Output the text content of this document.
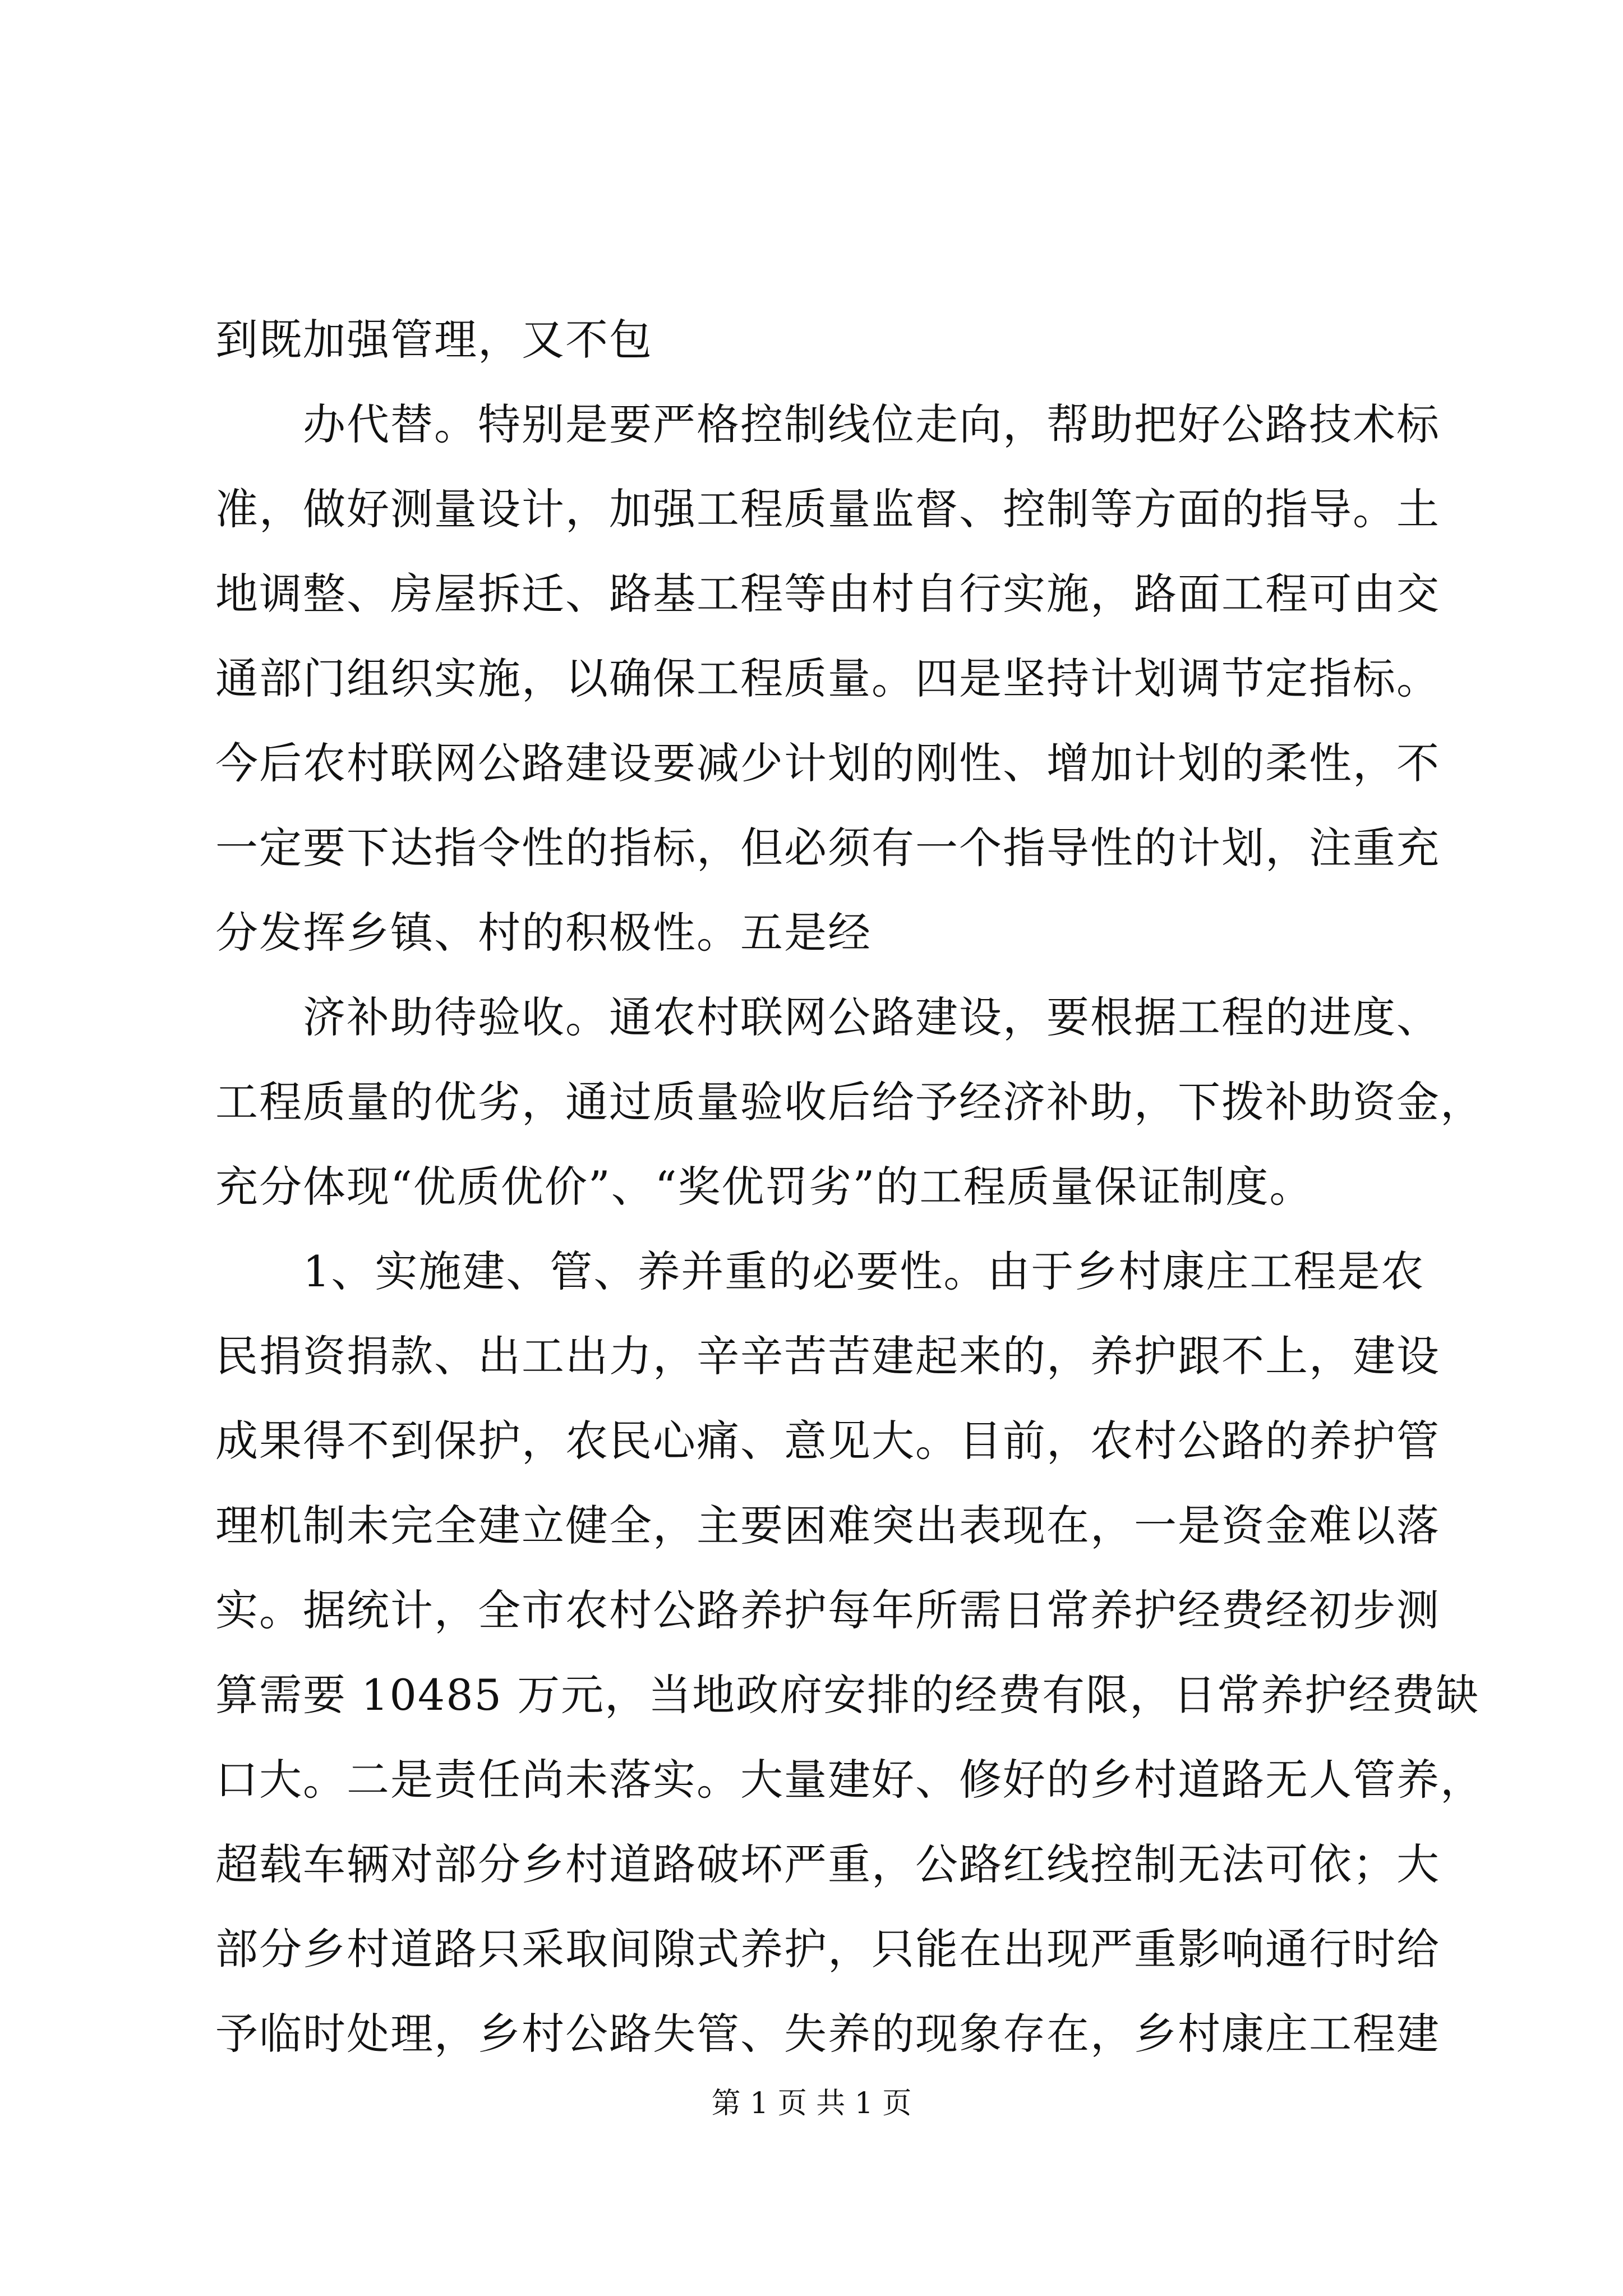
到既加强管理，又不包
办代替。特别是要严格控制线位走向，帮助把好公路技术标
准，做好测量设计，加强工程质量监督、控制等方面的指导。土
地调整、房屋拆迁、路基工程等由村自行实施，路面工程可由交
通部门组织实施，以确保工程质量。四是坚持计划调节定指标。
今后农村联网公路建设要减少计划的刚性、增加计划的柔性，不
一定要下达指令性的指标，但必须有一个指导性的计划，注重充
分发挥乡镇、村的积极性。五是经
济补助待验收。通农村联网公路建设，要根据工程的进度、
工程质量的优劣，通过质量验收后给予经济补助，下拨补助资金，
充分体现“优质优价”、“奖优罚劣”的工程质量保证制度。
1、实施建、管、养并重的必要性。由于乡村康庄工程是农
民捐资捐款、出工出力，辛辛苦苦建起来的，养护跟不上，建设
成果得不到保护，农民心痛、意见大。目前，农村公路的养护管
理机制未完全建立健全，主要困难突出表现在，一是资金难以落
实。据统计，全市农村公路养护每年所需日常养护经费经初步测
算需要 10485 万元，当地政府安排的经费有限，日常养护经费缺
口大。二是责任尚未落实。大量建好、修好的乡村道路无人管养，
超载车辆对部分乡村道路破坏严重，公路红线控制无法可依；大
部分乡村道路只采取间隙式养护，只能在出现严重影响通行时给
予临时处理，乡村公路失管、失养的现象存在，乡村康庄工程建
第 1 页 共 1 页
